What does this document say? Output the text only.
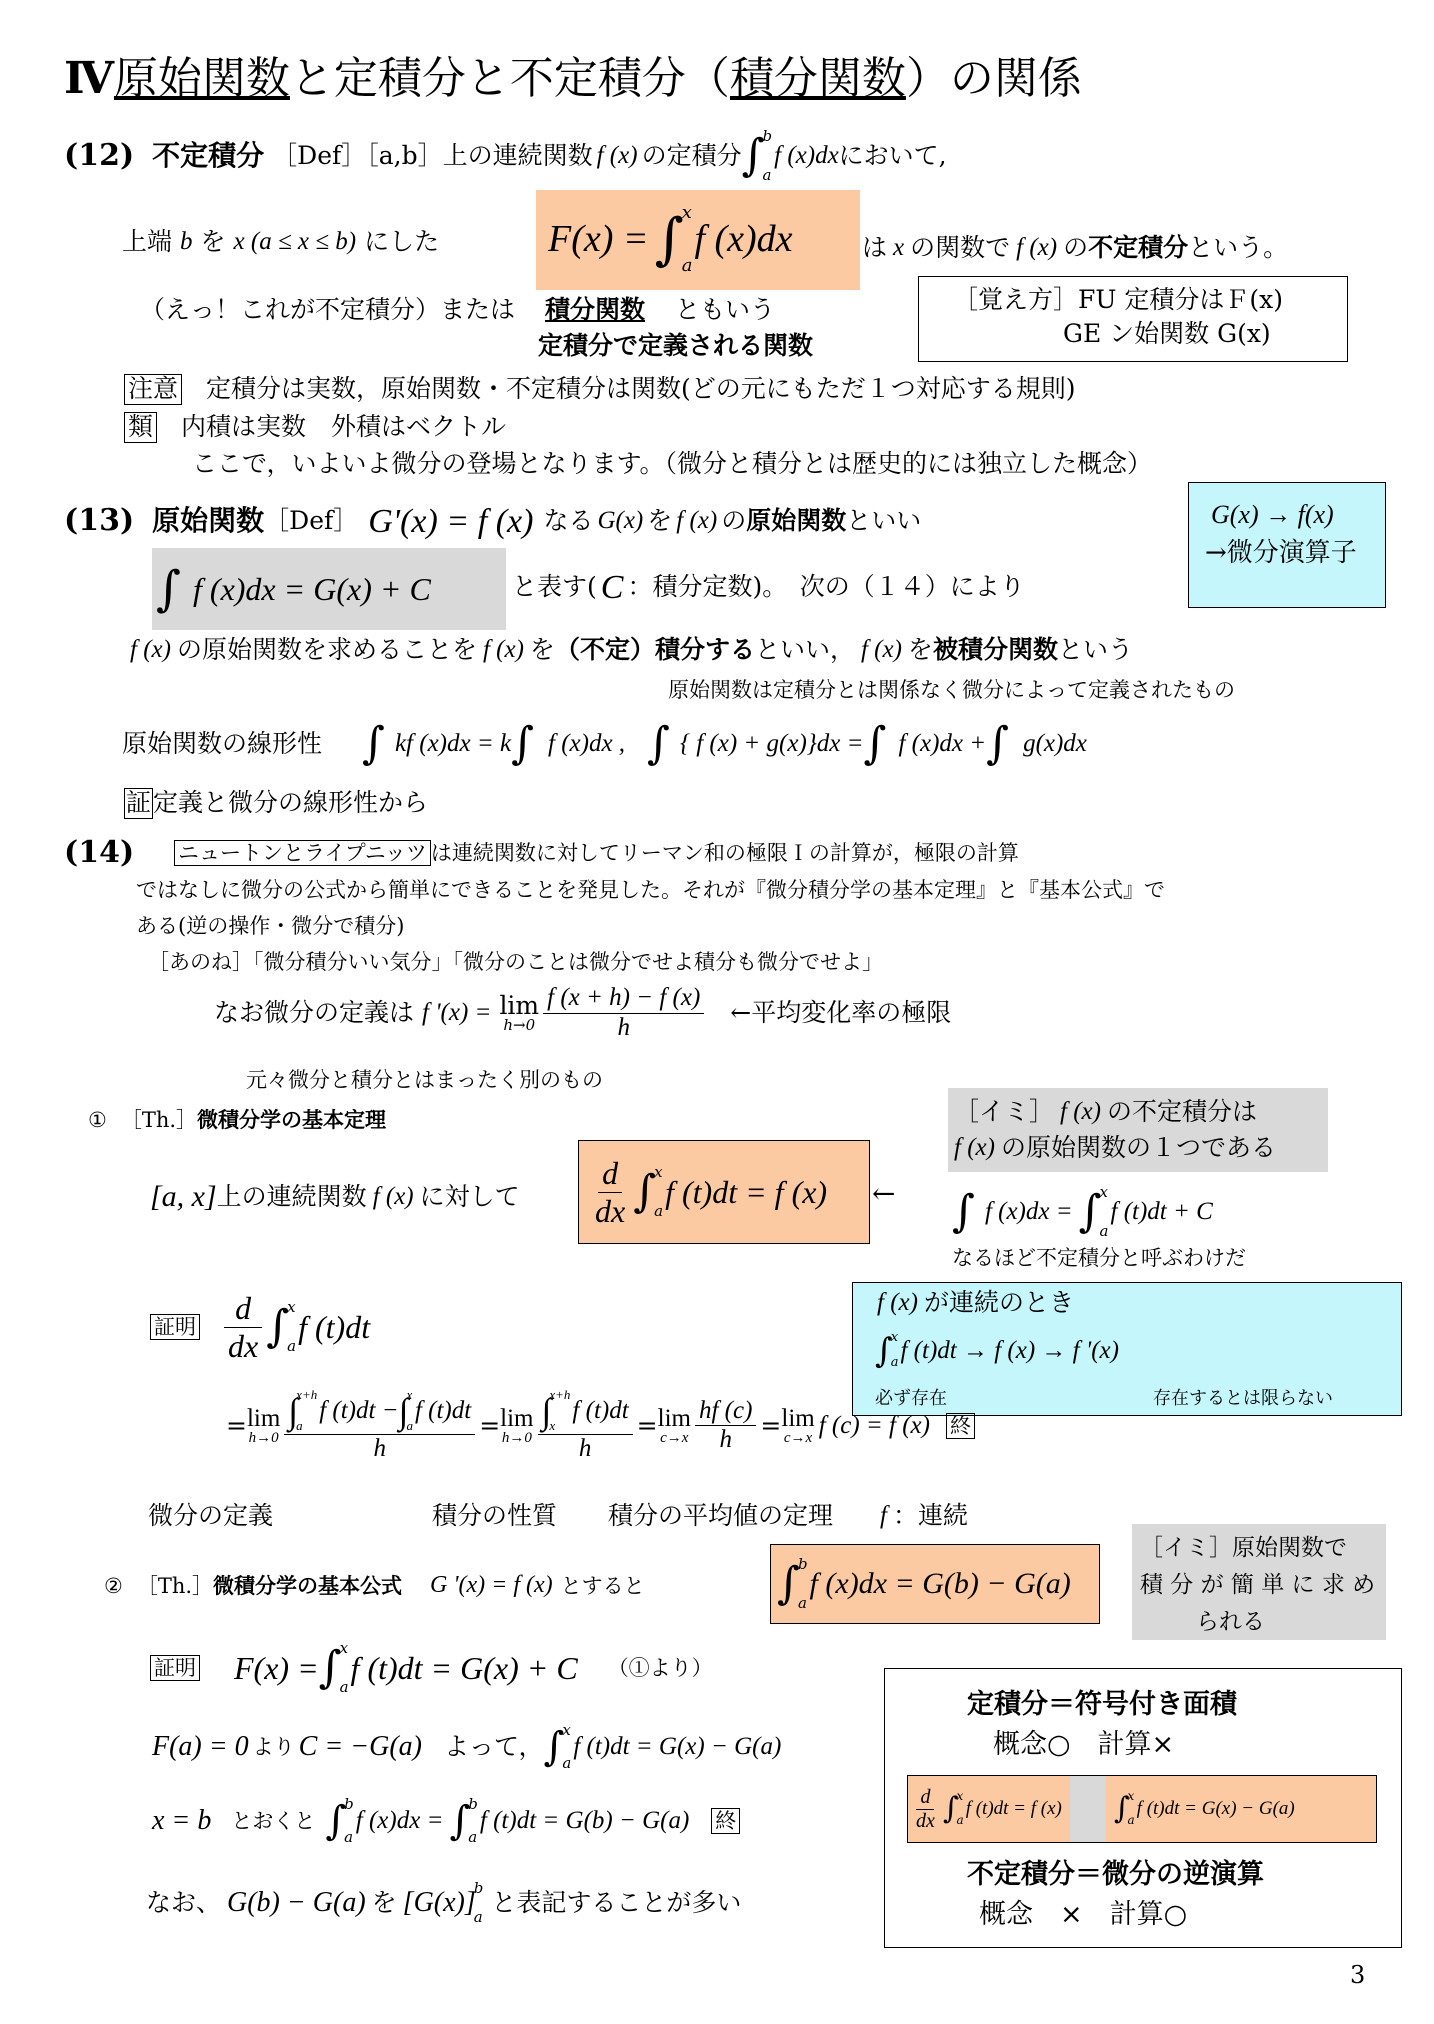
Ⅳ原始関数と定積分と不定積分（積分関数）の関係
(12) 不定積分 ［Def］［a,b］上の連続関数 f (x) の定積分 ∫
b
a
f (x)dx において,
上端 b を x (a ≤ x ≤ b) にした	F(x) = ∫
x
a
f (x)dx	は x の関数で f (x) の 不定積分 という。
（えっ！これが不定積分）または 積分関数 ともいう
定積分で定義される関数
［覚え方］FU 定積分はＦ(x)
GE ン始関数 G(x)
注意 定積分は実数，原始関数・不定積分は関数(どの元にもただ１つ対応する規則)
類 内積は実数　外積はベクトル
ここで，いよいよ微分の登場となります。（微分と積分とは歴史的には独立した概念）
(13) 原始関数 ［Def］ G'(x) = f (x) なる G(x) を f (x) の 原始関数 といい	G(x) → f(x)
→微分演算子
∫ f (x)dx = G(x) + C	と表す( C ：積分定数)。　次の（１４）により
f (x) の原始関数を求めることを f (x) を （不定）積分する といい， f (x) を 被積分関数 という
原始関数は定積分とは関係なく微分によって定義されたもの
原始関数の線形性 ∫ kf (x)dx = k ∫ f (x)dx , ∫ { f (x) + g(x)}dx = ∫ f (x)dx + ∫ g(x)dx
証 定義と微分の線形性から
(14) ニュートンとライプニッツ は連続関数に対してリーマン和の極限Ｉの計算が，極限の計算
ではなしに微分の公式から簡単にできることを発見した。それが『微分積分学の基本定理』と『基本公式』で
ある(逆の操作・微分で積分)
［あのね］「微分積分いい気分」「微分のことは微分でせよ積分も微分でせよ」
なお微分の定義は f '(x) = lim
$h\to 0 \frac{f (x + h) - f (x)}{h}$ ←平均変化率の極限
元々微分と積分とはまったく別のもの
① ［Th.］ 微積分学の基本定理
[a, x] 上の連続関数 f (x) に対して $\frac{d}{dx}$ ∫
x
a
f (t)dt = f (x) ←
［イミ］ f (x) の不定積分は
f (x) の原始関数の１つである
∫ f (x)dx = ∫
x
a
f (t)dt + C
なるほど不定積分と呼ぶわけだ
f (x) が連続のとき
∫
x
a f (t)dt → f (x) → f '(x)
必ず存在	存在するとは限らない
証明 $\frac{d}{dx}$ ∫
x
a
f (t)dt
= lim
h→0 ∫
x+h
a
f (t)dt − ∫
x
a
f (t)dt
h = lim
h→0 ∫
x+h
x
f (t)dt
h = lim
$c\to x \frac{hf (c)}{h} = \lim$
c→x f (c) = f (x) 終
微分の定義	積分の性質 積分の平均値の定理 f ：連続
［イミ］原始関数で
積 分 が 簡 単 に 求 め
られる
② ［Th.］ 微積分学の基本公式 G '(x) = f (x) とすると	∫
b
a
f (x)dx = G(b) − G(a)
証明 F(x) = ∫
x
a
f (t)dt = G(x) + C （①より）
F(a) = 0 より C = −G(a) よって， ∫
x
a
f (t)dt = G(x) − G(a)
x = b とおくと ∫
b
a
f (x)dx = ∫
b
a
f (t)dt = G(b) − G(a) 終
なお、 G(b) − G(a) を [G(x)]
b
a
と表記することが多い
定積分＝符号付き面積
概念○　計算×
$\frac{d}{dx}$ ∫
x
a
f (t)dt = f (x) ∫
x
a
f (t)dt = G(x) − G(a)
不定積分＝微分の逆演算
概念　×　計算○
3
